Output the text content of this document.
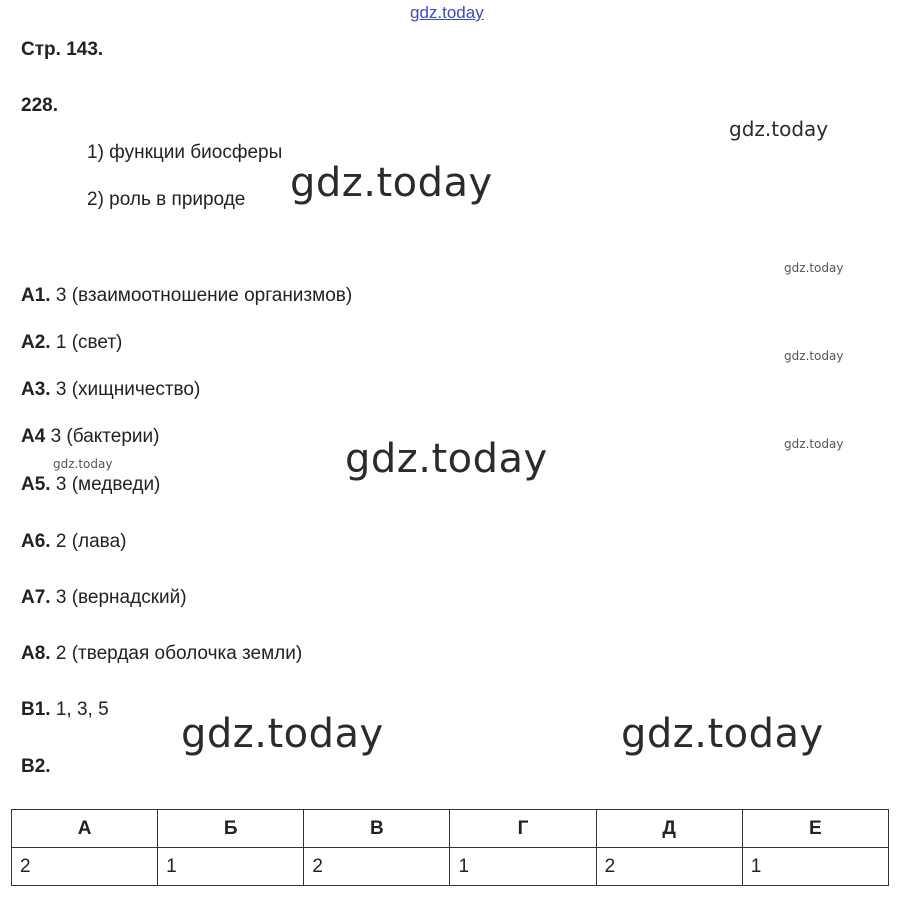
gdz.today
gdz.today
gdz.today
gdz.today
gdz.today
gdz.today
gdz.today
gdz.today
gdz.today	gdz.today
Стр. 143.
228.
1) функции биосферы
2) роль в природе
А1. 3 (взаимоотношение организмов)
А2. 1 (свет)
А3. 3 (хищничество)
А4 3 (бактерии)
А5. 3 (медведи)
А6. 2 (лава)
А7. 3 (вернадский)
А8. 2 (твердая оболочка земли)
В1. 1, 3, 5
В2.
А	Б	В	Г	Д	Е
2	1	2	1	2	1
